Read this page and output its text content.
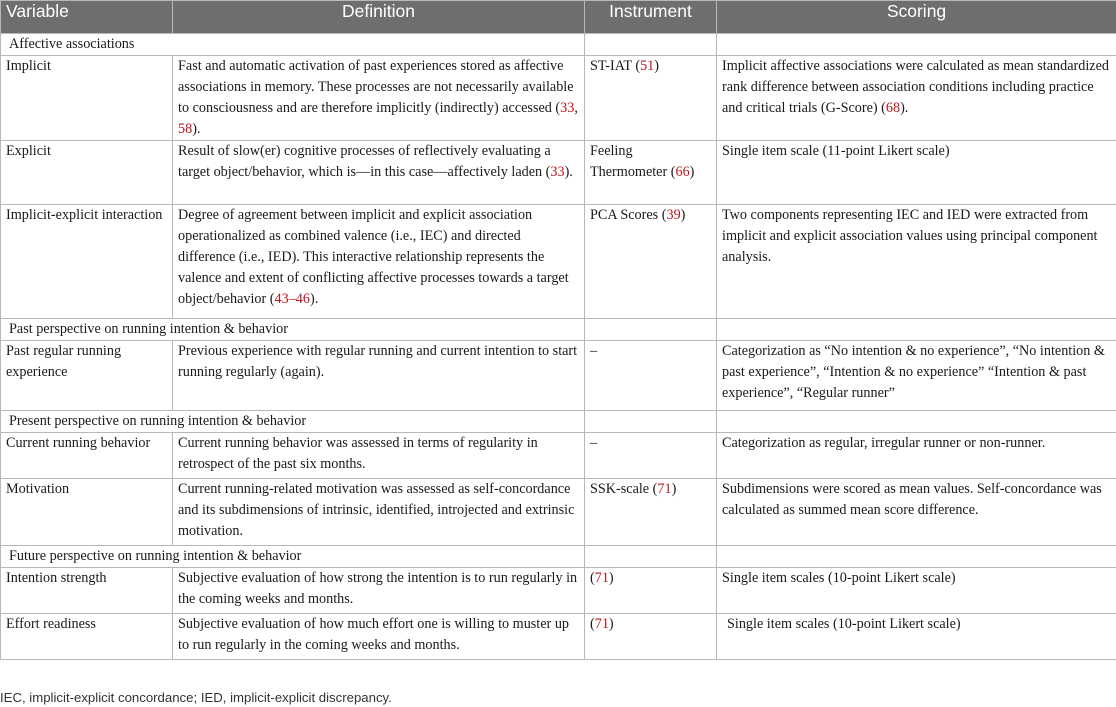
Variable	Definition	Instrument	Scoring
Affective associations			
Implicit	Fast and automatic activation of past experiences stored as affective associations in memory. These processes are not necessarily available to consciousness and are therefore implicitly (indirectly) accessed (33, 58).	ST-IAT (51)	Implicit affective associations were calculated as mean standardized rank difference between association conditions including practice and critical trials (G-Score) (68).
Explicit	Result of slow(er) cognitive processes of reflectively evaluating a target object/behavior, which is—in this case—affectively laden (33).	Feeling Thermometer (66)	Single item scale (11-point Likert scale)
Implicit-explicit interaction	Degree of agreement between implicit and explicit association operationalized as combined valence (i.e., IEC) and directed difference (i.e., IED). This interactive relationship represents the valence and extent of conflicting affective processes towards a target object/behavior (43–46).	PCA Scores (39)	Two components representing IEC and IED were extracted from implicit and explicit association values using principal component analysis.
Past perspective on running intention & behavior			
Past regular running experience	Previous experience with regular running and current intention to start running regularly (again).	–	Categorization as “No intention & no experience”, “No intention & past experience”, “Intention & no experience” “Intention & past experience”, “Regular runner”
Present perspective on running intention & behavior			
Current running behavior	Current running behavior was assessed in terms of regularity in retrospect of the past six months.	–	Categorization as regular, irregular runner or non-runner.
Motivation	Current running-related motivation was assessed as self-concordance and its subdimensions of intrinsic, identified, introjected and extrinsic motivation.	SSK-scale (71)	Subdimensions were scored as mean values. Self-concordance was calculated as summed mean score difference.
Future perspective on running intention & behavior			
Intention strength	Subjective evaluation of how strong the intention is to run regularly in the coming weeks and months.	(71)	Single item scales (10-point Likert scale)
Effort readiness	Subjective evaluation of how much effort one is willing to muster up to run regularly in the coming weeks and months.	(71)	Single item scales (10-point Likert scale)
IEC, implicit-explicit concordance; IED, implicit-explicit discrepancy.
